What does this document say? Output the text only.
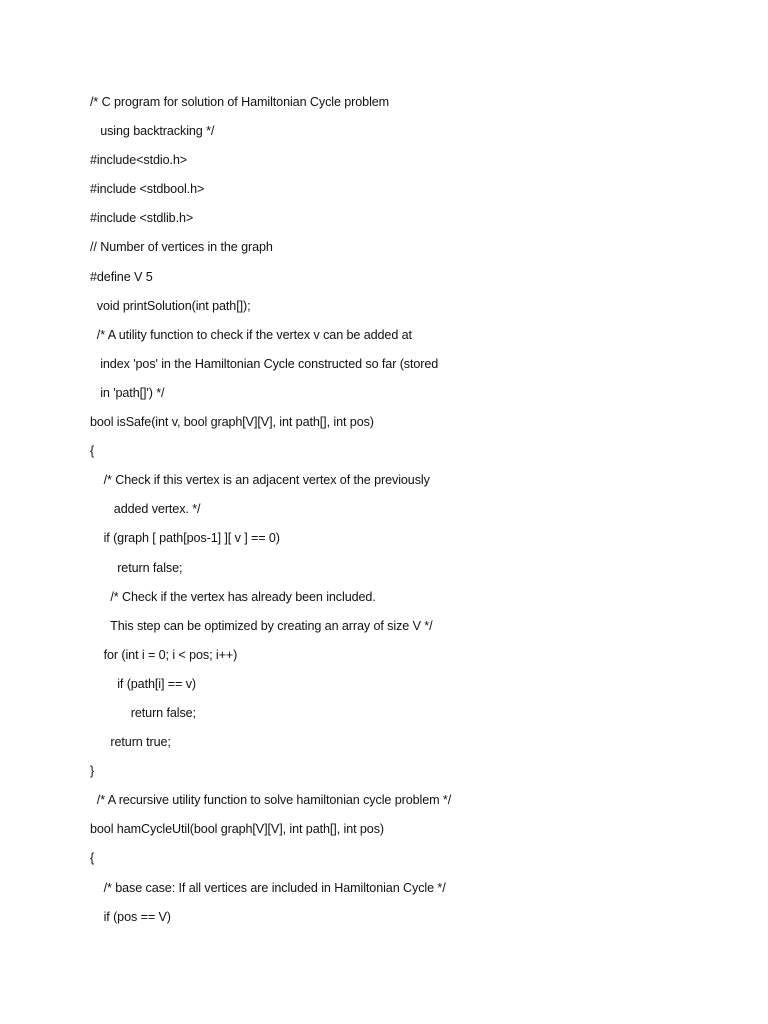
/* C program for solution of Hamiltonian Cycle problem
using backtracking */
#include<stdio.h>
#include <stdbool.h>
#include <stdlib.h>
// Number of vertices in the graph
#define V 5
void printSolution(int path[]);
/* A utility function to check if the vertex v can be added at
index 'pos' in the Hamiltonian Cycle constructed so far (stored
in 'path[]') */
bool isSafe(int v, bool graph[V][V], int path[], int pos)
{
/* Check if this vertex is an adjacent vertex of the previously
added vertex. */
if (graph [ path[pos-1] ][ v ] == 0)
return false;
/* Check if the vertex has already been included.
This step can be optimized by creating an array of size V */
for (int i = 0; i < pos; i++)
if (path[i] == v)
return false;
return true;
}
/* A recursive utility function to solve hamiltonian cycle problem */
bool hamCycleUtil(bool graph[V][V], int path[], int pos)
{
/* base case: If all vertices are included in Hamiltonian Cycle */
if (pos == V)
